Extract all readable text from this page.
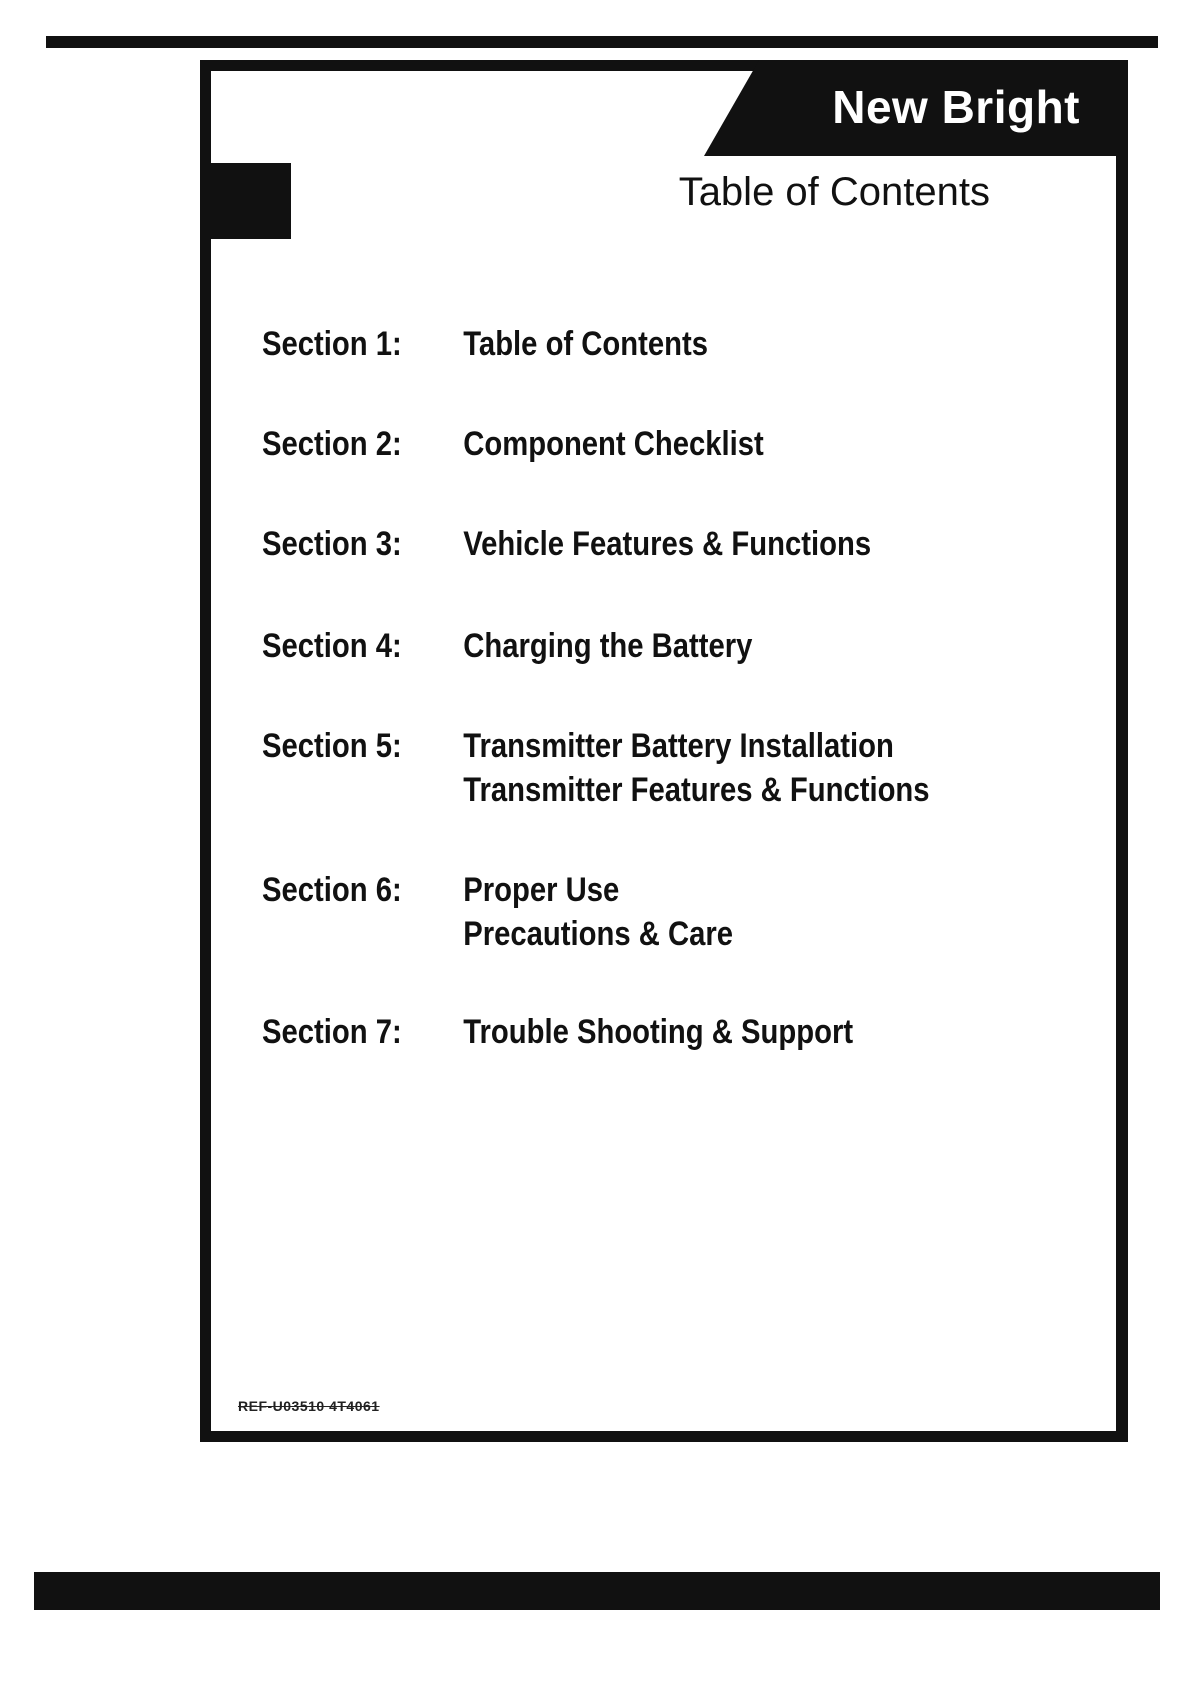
New Bright
Table of Contents
Section 1: Table of Contents
Section 2: Component Checklist
Section 3: Vehicle Features & Functions
Section 4: Charging the Battery
Section 5: Transmitter Battery Installation
Transmitter Features & Functions
Section 6: Proper Use
Precautions & Care
Section 7: Trouble Shooting & Support
REF-U03510 4T4061
